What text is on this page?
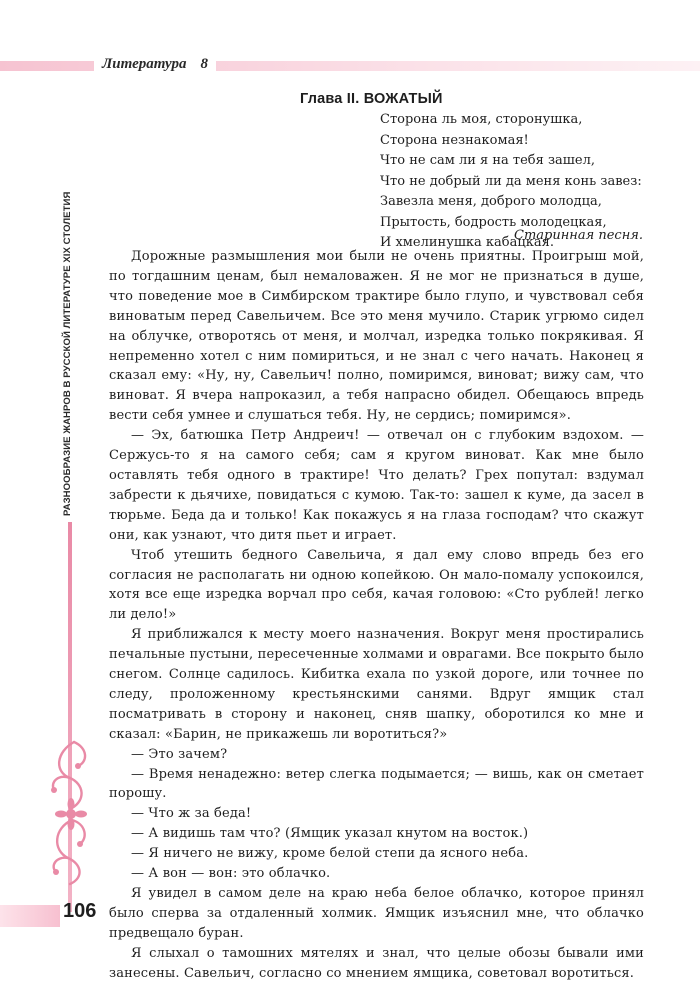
Литература 8
РАЗНООБРАЗИЕ ЖАНРОВ В РУССКОЙ ЛИТЕРАТУРЕ XIX СТОЛЕТИЯ
106
Глава II. ВОЖАТЫЙ
Сторона ль моя, сторонушка,
Сторона незнакомая!
Что не сам ли я на тебя зашел,
Что не добрый ли да меня конь завез:
Завезла меня, доброго молодца,
Прытость, бодрость молодецкая,
И хмелинушка кабацкая.
Старинная песня.

Дорожные размышления мои были не очень приятны. Проигрыш мой, по тогдашним ценам, был немаловажен. Я не мог не признаться в душе, что поведение мое в Симбирском трактире было глупо, и чувствовал себя виноватым перед Савельичем. Все это меня мучило. Старик угрюмо сидел на облучке, отворотясь от меня, и молчал, изредка только покрякивая. Я непременно хотел с ним помириться, и не знал с чего начать. Наконец я сказал ему: «Ну, ну, Савельич! полно, помиримся, виноват; вижу сам, что виноват. Я вчера напроказил, а тебя напрасно обидел. Обещаюсь впредь вести себя умнее и слушаться тебя. Ну, не сердись; помиримся».

— Эх, батюшка Петр Андреич! — отвечал он с глубоким вздохом. — Сержусь-то я на самого себя; сам я кругом виноват. Как мне было оставлять тебя одного в трактире! Что делать? Грех попутал: вздумал забрести к дьячихе, повидаться с кумою. Так-то: зашел к куме, да засел в тюрьме. Беда да и только! Как покажусь я на глаза господам? что скажут они, как узнают, что дитя пьет и играет.

Чтоб утешить бедного Савельича, я дал ему слово впредь без его согласия не располагать ни одною копейкою. Он мало-помалу успокоился, хотя все еще изредка ворчал про себя, качая головою: «Сто рублей! легко ли дело!»

Я приближался к месту моего назначения. Вокруг меня простирались печальные пустыни, пересеченные холмами и оврагами. Все покрыто было снегом. Солнце садилось. Кибитка ехала по узкой дороге, или точнее по следу, проложенному крестьянскими санями. Вдруг ямщик стал посматривать в сторону и наконец, сняв шапку, оборотился ко мне и сказал: «Барин, не прикажешь ли воротиться?»

— Это зачем?

— Время ненадежно: ветер слегка подымается; — вишь, как он сметает порошу.

— Что ж за беда!

— А видишь там что? (Ямщик указал кнутом на восток.)

— Я ничего не вижу, кроме белой степи да ясного неба.

— А вон — вон: это облачко.

Я увидел в самом деле на краю неба белое облачко, которое принял было сперва за отдаленный холмик. Ямщик изъяснил мне, что облачко предвещало буран.

Я слыхал о тамошних мятелях и знал, что целые обозы бывали ими занесены. Савельич, согласно со мнением ямщика, советовал воротиться.
